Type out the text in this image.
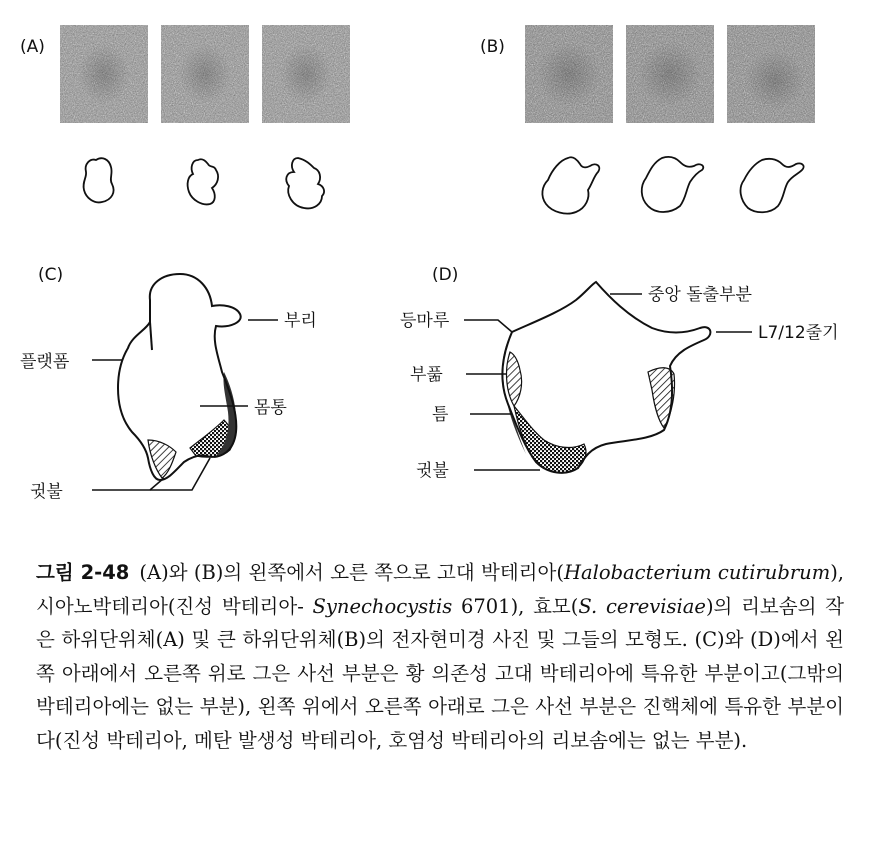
(A)	(B)
(C)
부리
플랫폼
몸통
귓불
(D)
중앙 돌출부분
등마루
L7/12줄기
부풂
틈
귓불
그림 2-48 (A)와 (B)의 왼쪽에서 오른 쪽으로 고대 박테리아(Halobacterium cutirubrum), 시아노박테리아(진성 박테리아- Synechocystis 6701), 효모(S. cerevisiae)의 리보솜의 작은 하위단위체(A) 및 큰 하위단위체(B)의 전자현미경 사진 및 그들의 모형도. (C)와 (D)에서 왼쪽 아래에서 오른쪽 위로 그은 사선 부분은 황 의존성 고대 박테리아에 특유한 부분이고(그밖의 박테리아에는 없는 부분), 왼쪽 위에서 오른쪽 아래로 그은 사선 부분은 진핵체에 특유한 부분이다(진성 박테리아, 메탄 발생성 박테리아, 호염성 박테리아의 리보솜에는 없는 부분).
